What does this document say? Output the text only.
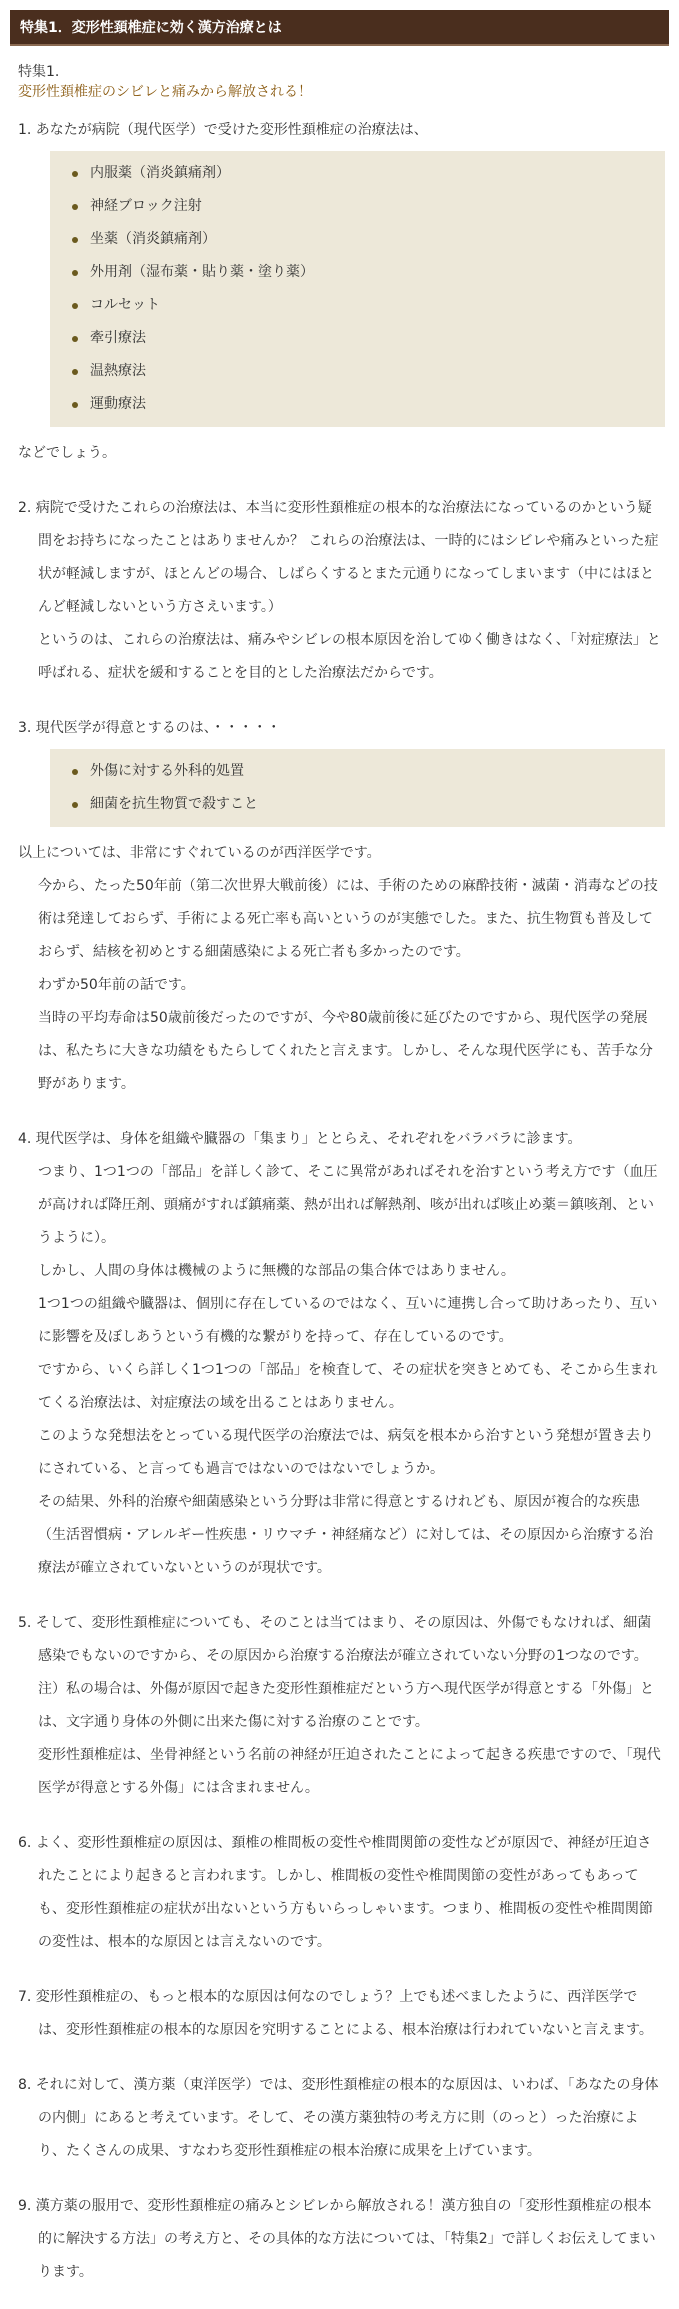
特集1．変形性頚椎症に効く漢方治療とは
特集1.
変形性頚椎症のシビレと痛みから解放される！

1. あなたが病院（現代医学）で受けた変形性頚椎症の治療法は、

内服薬（消炎鎮痛剤）
神経ブロック注射
坐薬（消炎鎮痛剤）
外用剤（湿布薬・貼り薬・塗り薬）
コルセット
牽引療法
温熱療法
運動療法

などでしょう。

2. 病院で受けたこれらの治療法は、本当に変形性頚椎症の根本的な治療法になっているのかという疑問をお持ちになったことはありませんか？ これらの治療法は、一時的にはシビレや痛みといった症状が軽減しますが、ほとんどの場合、しばらくするとまた元通りになってしまいます（中にはほとんど軽減しないという方さえいます。）

というのは、これらの治療法は、痛みやシビレの根本原因を治してゆく働きはなく、「対症療法」と呼ばれる、症状を緩和することを目的とした治療法だからです。

3. 現代医学が得意とするのは、・・・・・

外傷に対する外科的処置
細菌を抗生物質で殺すこと

以上については、非常にすぐれているのが西洋医学です。

今から、たった50年前（第二次世界大戦前後）には、手術のための麻酔技術・滅菌・消毒などの技術は発達しておらず、手術による死亡率も高いというのが実態でした。また、抗生物質も普及しておらず、結核を初めとする細菌感染による死亡者も多かったのです。

わずか50年前の話です。

当時の平均寿命は50歳前後だったのですが、今や80歳前後に延びたのですから、現代医学の発展は、私たちに大きな功績をもたらしてくれたと言えます。しかし、そんな現代医学にも、苦手な分野があります。

4. 現代医学は、身体を組織や臓器の「集まり」ととらえ、それぞれをバラバラに診ます。

つまり、1つ1つの「部品」を詳しく診て、そこに異常があればそれを治すという考え方です（血圧が高ければ降圧剤、頭痛がすれば鎮痛薬、熱が出れば解熱剤、咳が出れば咳止め薬＝鎮咳剤、というように）。

しかし、人間の身体は機械のように無機的な部品の集合体ではありません。

1つ1つの組織や臓器は、個別に存在しているのではなく、互いに連携し合って助けあったり、互いに影響を及ぼしあうという有機的な繋がりを持って、存在しているのです。

ですから、いくら詳しく1つ1つの「部品」を検査して、その症状を突きとめても、そこから生まれてくる治療法は、対症療法の域を出ることはありません。

このような発想法をとっている現代医学の治療法では、病気を根本から治すという発想が置き去りにされている、と言っても過言ではないのではないでしょうか。

その結果、外科的治療や細菌感染という分野は非常に得意とするけれども、原因が複合的な疾患（生活習慣病・アレルギー性疾患・リウマチ・神経痛など）に対しては、その原因から治療する治療法が確立されていないというのが現状です。

5. そして、変形性頚椎症についても、そのことは当てはまり、その原因は、外傷でもなければ、細菌感染でもないのですから、その原因から治療する治療法が確立されていない分野の1つなのです。

注）私の場合は、外傷が原因で起きた変形性頚椎症だという方へ現代医学が得意とする「外傷」とは、文字通り身体の外側に出来た傷に対する治療のことです。

変形性頚椎症は、坐骨神経という名前の神経が圧迫されたことによって起きる疾患ですので、「現代医学が得意とする外傷」には含まれません。

6. よく、変形性頚椎症の原因は、頚椎の椎間板の変性や椎間関節の変性などが原因で、神経が圧迫されたことにより起きると言われます。しかし、椎間板の変性や椎間関節の変性があってもあっても、変形性頚椎症の症状が出ないという方もいらっしゃいます。つまり、椎間板の変性や椎間関節の変性は、根本的な原因とは言えないのです。

7. 変形性頚椎症の、もっと根本的な原因は何なのでしょう？上でも述べましたように、西洋医学では、変形性頚椎症の根本的な原因を究明することによる、根本治療は行われていないと言えます。

8. それに対して、漢方薬（東洋医学）では、変形性頚椎症の根本的な原因は、いわば、「あなたの身体の内側」にあると考えています。そして、その漢方薬独特の考え方に則（のっと）った治療により、たくさんの成果、すなわち変形性頚椎症の根本治療に成果を上げています。

9. 漢方薬の服用で、変形性頚椎症の痛みとシビレから解放される！漢方独自の「変形性頚椎症の根本的に解決する方法」の考え方と、その具体的な方法については、「特集2」で詳しくお伝えしてまいります。
